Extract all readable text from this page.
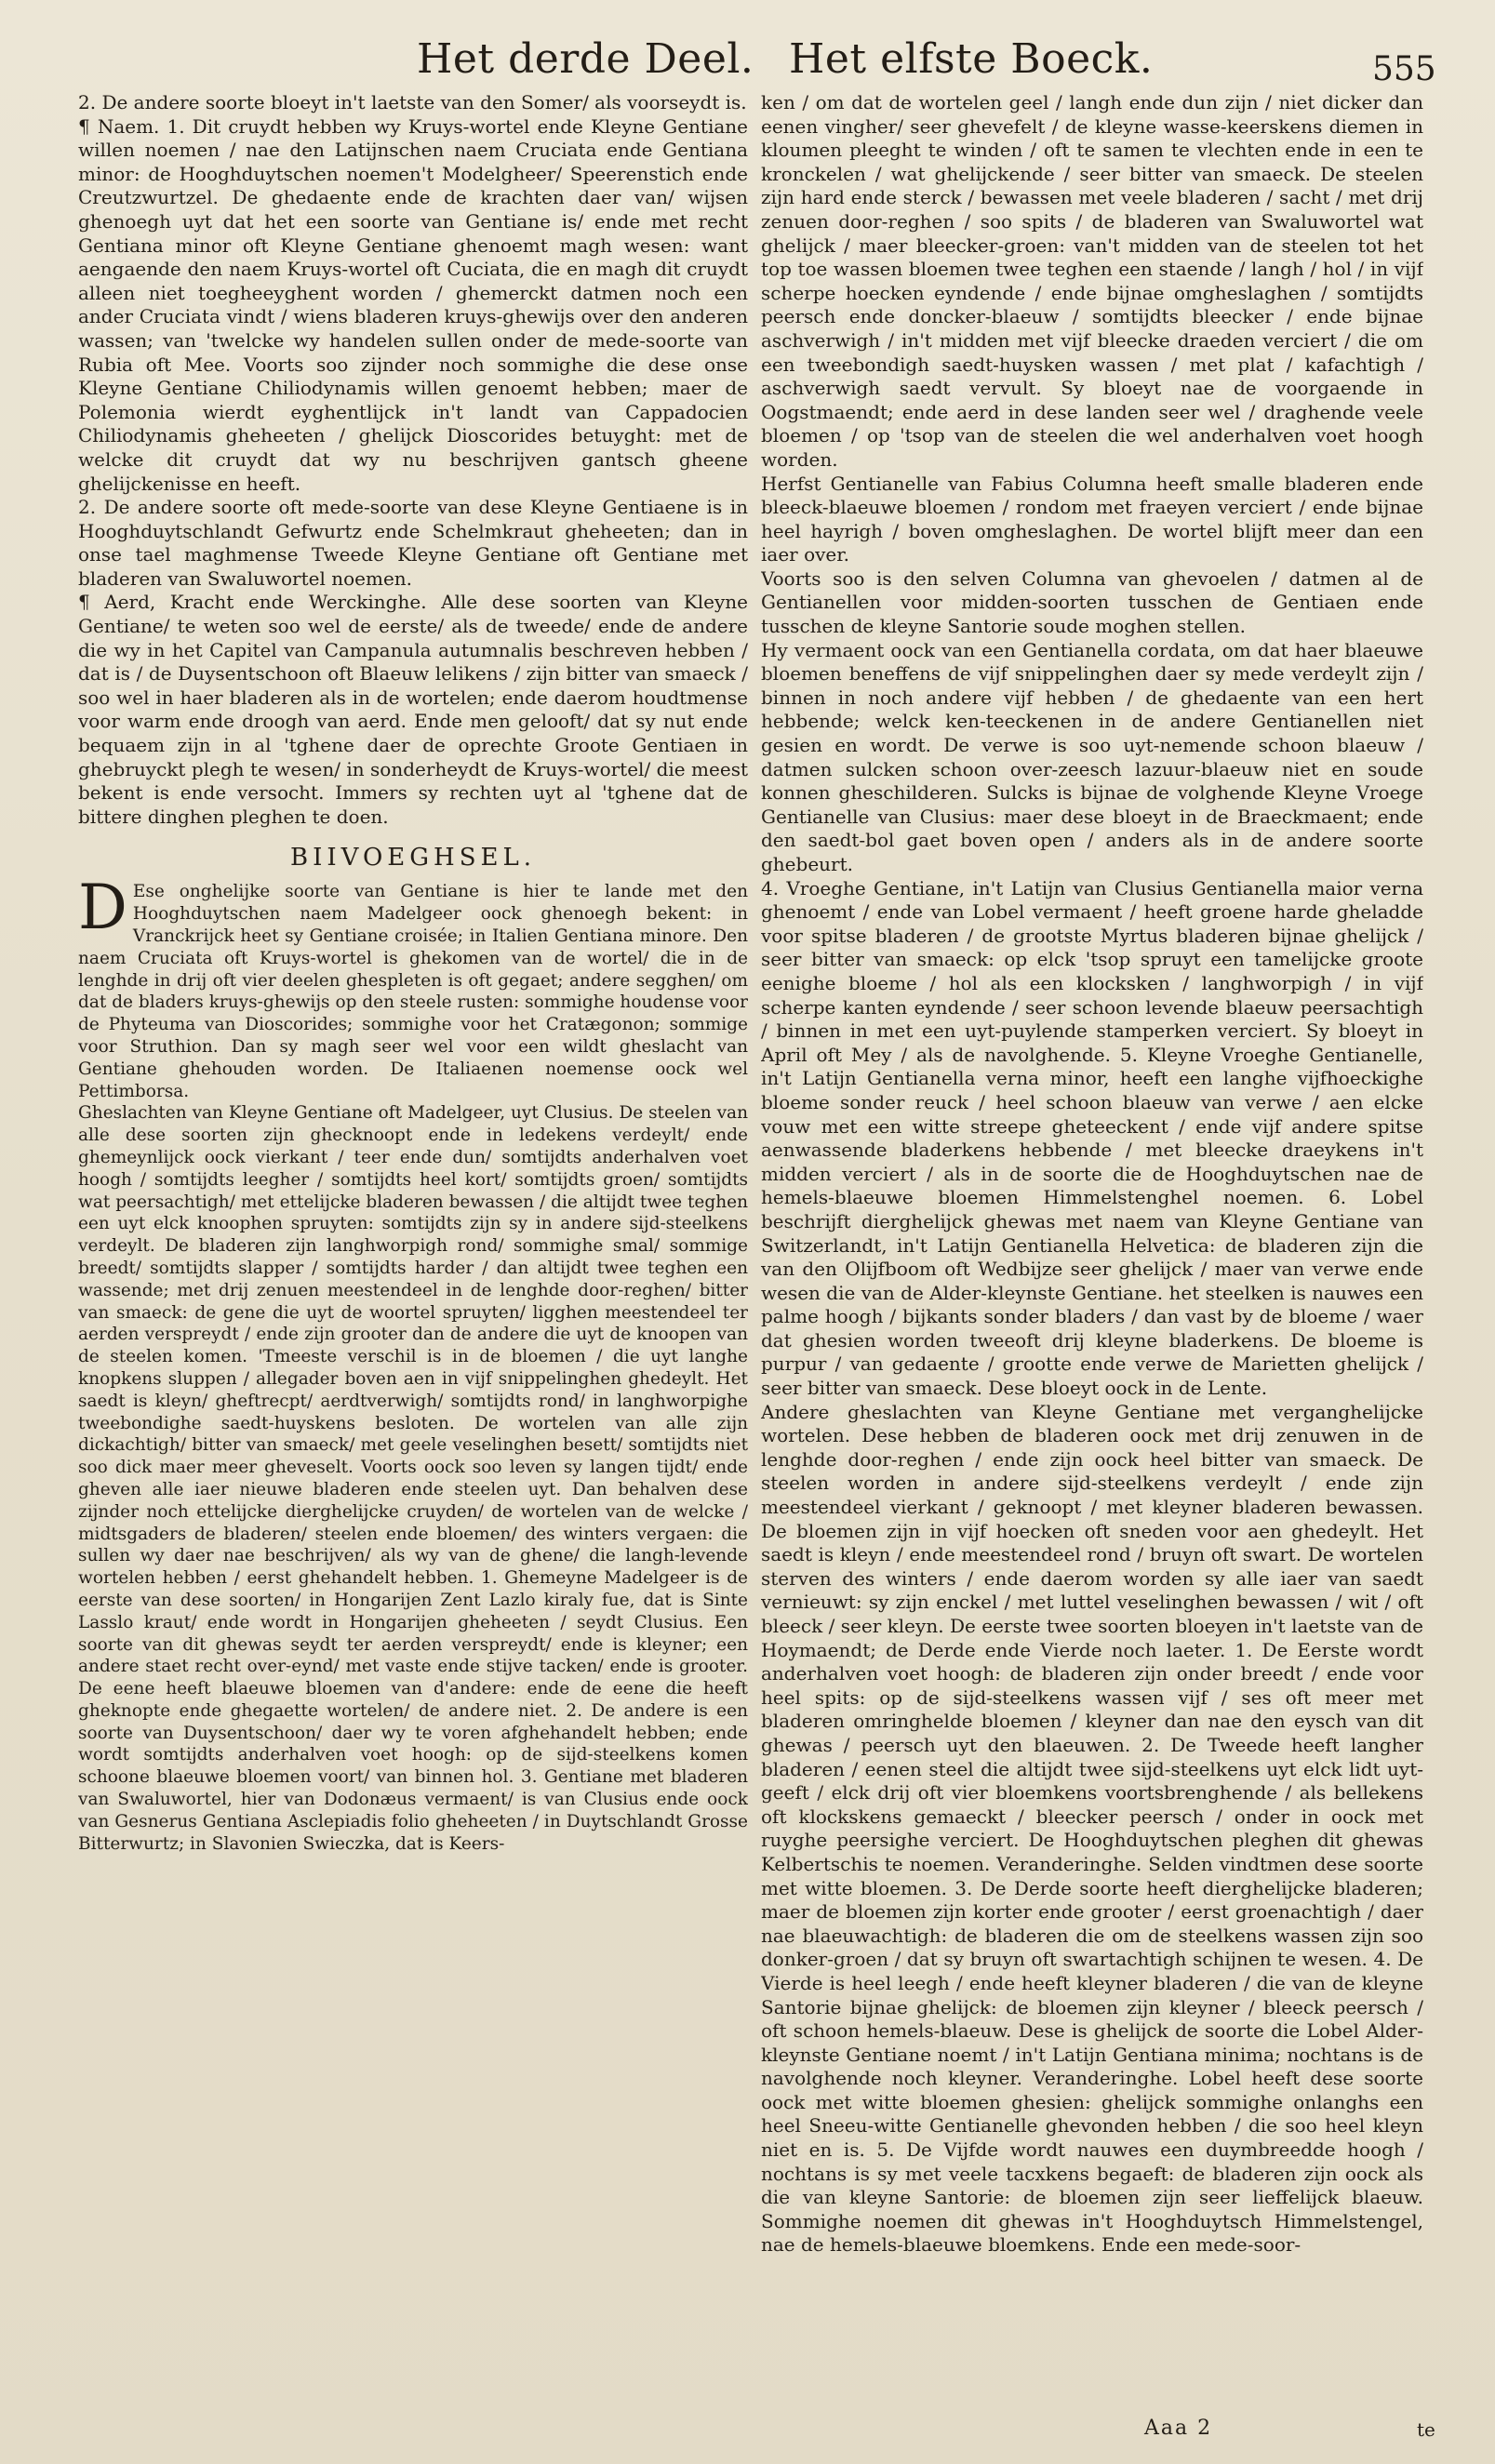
Het derde Deel. Het elfste Boeck.	555

2. De andere soorte bloeyt in't laetste van den Somer/ als voorseydt is.

¶ Naem. 1. Dit cruydt hebben wy Kruys-wortel ende Kleyne Gentiane willen noemen / nae den Latijnschen naem Cruciata ende Gentiana minor: de Hooghduytschen noemen't Modelgheer/ Speerenstich ende Creutzwurtzel. De ghedaente ende de krachten daer van/ wijsen ghenoegh uyt dat het een soorte van Gentiane is/ ende met recht Gentiana minor oft Kleyne Gentiane ghenoemt magh wesen: want aengaende den naem Kruys-wortel oft Cuciata, die en magh dit cruydt alleen niet toegheeyghent worden / ghemerckt datmen noch een ander Cruciata vindt / wiens bladeren kruys-ghewijs over den anderen wassen; van 'twelcke wy handelen sullen onder de mede-soorte van Rubia oft Mee. Voorts soo zijnder noch sommighe die dese onse Kleyne Gentiane Chiliodynamis willen genoemt hebben; maer de Polemonia wierdt eyghentlijck in't landt van Cappadocien Chiliodynamis gheheeten / ghelijck Dioscorides betuyght: met de welcke dit cruydt dat wy nu beschrijven gantsch gheene ghelijckenisse en heeft.

2. De andere soorte oft mede-soorte van dese Kleyne Gentiaene is in Hooghduytschlandt Gefwurtz ende Schelmkraut gheheeten; dan in onse tael maghmense Tweede Kleyne Gentiane oft Gentiane met bladeren van Swaluwortel noemen.

¶ Aerd, Kracht ende Werckinghe. Alle dese soorten van Kleyne Gentiane/ te weten soo wel de eerste/ als de tweede/ ende de andere die wy in het Capitel van Campanula autumnalis beschreven hebben / dat is / de Duysentschoon oft Blaeuw lelikens / zijn bitter van smaeck / soo wel in haer bladeren als in de wortelen; ende daerom houdtmense voor warm ende droogh van aerd. Ende men gelooft/ dat sy nut ende bequaem zijn in al 'tghene daer de oprechte Groote Gentiaen in ghebruyckt plegh te wesen/ in sonderheydt de Kruys-wortel/ die meest bekent is ende versocht. Immers sy rechten uyt al 'tghene dat de bittere dinghen pleghen te doen.

BIIVOEGHSEL.

D Ese onghelijke soorte van Gentiane is hier te lande met den Hooghduytschen naem Madelgeer oock ghenoegh bekent: in Vranckrijck heet sy Gentiane croisée; in Italien Gentiana minore. Den naem Cruciata oft Kruys-wortel is ghekomen van de wortel/ die in de lenghde in drij oft vier deelen ghespleten is oft gegaet; andere segghen/ om dat de bladers kruys-ghewijs op den steele rusten: sommighe houdense voor de Phyteuma van Dioscorides; sommighe voor het Cratægonon; sommige voor Struthion. Dan sy magh seer wel voor een wildt gheslacht van Gentiane ghehouden worden. De Italiaenen noemense oock wel Pettimborsa.

Gheslachten van Kleyne Gentiane oft Madelgeer, uyt Clusius. De steelen van alle dese soorten zijn ghecknoopt ende in ledekens verdeylt/ ende ghemeynlijck oock vierkant / teer ende dun/ somtijdts anderhalven voet hoogh / somtijdts leegher / somtijdts heel kort/ somtijdts groen/ somtijdts wat peersachtigh/ met ettelijcke bladeren bewassen / die altijdt twee teghen een uyt elck knoophen spruyten: somtijdts zijn sy in andere sijd-steelkens verdeylt. De bladeren zijn langhworpigh rond/ sommighe smal/ sommige breedt/ somtijdts slapper / somtijdts harder / dan altijdt twee teghen een wassende; met drij zenuen meestendeel in de lenghde door-reghen/ bitter van smaeck: de gene die uyt de woortel spruyten/ ligghen meestendeel ter aerden verspreydt / ende zijn grooter dan de andere die uyt de knoopen van de steelen komen. 'Tmeeste verschil is in de bloemen / die uyt langhe knopkens sluppen / allegader boven aen in vijf snippelinghen ghedeylt. Het saedt is kleyn/ gheftrecpt/ aerdtverwigh/ somtijdts rond/ in langhworpighe tweebondighe saedt-huyskens besloten. De wortelen van alle zijn dickachtigh/ bitter van smaeck/ met geele veselinghen besett/ somtijdts niet soo dick maer meer gheveselt. Voorts oock soo leven sy langen tijdt/ ende gheven alle iaer nieuwe bladeren ende steelen uyt. Dan behalven dese zijnder noch ettelijcke dierghelijcke cruyden/ de wortelen van de welcke / midtsgaders de bladeren/ steelen ende bloemen/ des winters vergaen: die sullen wy daer nae beschrijven/ als wy van de ghene/ die langh-levende wortelen hebben / eerst ghehandelt hebben. 1. Ghemeyne Madelgeer is de eerste van dese soorten/ in Hongarijen Zent Lazlo kiraly fue, dat is Sinte Lasslo kraut/ ende wordt in Hongarijen gheheeten / seydt Clusius. Een soorte van dit ghewas seydt ter aerden verspreydt/ ende is kleyner; een andere staet recht over-eynd/ met vaste ende stijve tacken/ ende is grooter. De eene heeft blaeuwe bloemen van d'andere: ende de eene die heeft gheknopte ende ghegaette wortelen/ de andere niet. 2. De andere is een soorte van Duysentschoon/ daer wy te voren afghehandelt hebben; ende wordt somtijdts anderhalven voet hoogh: op de sijd-steelkens komen schoone blaeuwe bloemen voort/ van binnen hol. 3. Gentiane met bladeren van Swaluwortel, hier van Dodonæus vermaent/ is van Clusius ende oock van Gesnerus Gentiana Asclepiadis folio gheheeten / in Duytschlandt Grosse Bitterwurtz; in Slavonien Swieczka, dat is Keers-

ken / om dat de wortelen geel / langh ende dun zijn / niet dicker dan eenen vingher/ seer ghevefelt / de kleyne wasse-keerskens diemen in kloumen pleeght te winden / oft te samen te vlechten ende in een te kronckelen / wat ghelijckende / seer bitter van smaeck. De steelen zijn hard ende sterck / bewassen met veele bladeren / sacht / met drij zenuen door-reghen / soo spits / de bladeren van Swaluwortel wat ghelijck / maer bleecker-groen: van't midden van de steelen tot het top toe wassen bloemen twee teghen een staende / langh / hol / in vijf scherpe hoecken eyndende / ende bijnae omgheslaghen / somtijdts peersch ende doncker-blaeuw / somtijdts bleecker / ende bijnae aschverwigh / in't midden met vijf bleecke draeden verciert / die om een tweebondigh saedt-huysken wassen / met plat / kafachtigh / aschverwigh saedt vervult. Sy bloeyt nae de voorgaende in Oogstmaendt; ende aerd in dese landen seer wel / draghende veele bloemen / op 'tsop van de steelen die wel anderhalven voet hoogh worden.

Herfst Gentianelle van Fabius Columna heeft smalle bladeren ende bleeck-blaeuwe bloemen / rondom met fraeyen verciert / ende bijnae heel hayrigh / boven omgheslaghen. De wortel blijft meer dan een iaer over.

Voorts soo is den selven Columna van ghevoelen / datmen al de Gentianellen voor midden-soorten tusschen de Gentiaen ende tusschen de kleyne Santorie soude moghen stellen.

Hy vermaent oock van een Gentianella cordata, om dat haer blaeuwe bloemen beneffens de vijf snippelinghen daer sy mede verdeylt zijn / binnen in noch andere vijf hebben / de ghedaente van een hert hebbende; welck ken-teeckenen in de andere Gentianellen niet gesien en wordt. De verwe is soo uyt-nemende schoon blaeuw / datmen sulcken schoon over-zeesch lazuur-blaeuw niet en soude konnen gheschilderen. Sulcks is bijnae de volghende Kleyne Vroege Gentianelle van Clusius: maer dese bloeyt in de Braeckmaent; ende den saedt-bol gaet boven open / anders als in de andere soorte ghebeurt.

4. Vroeghe Gentiane, in't Latijn van Clusius Gentianella maior verna ghenoemt / ende van Lobel vermaent / heeft groene harde gheladde voor spitse bladeren / de grootste Myrtus bladeren bijnae ghelijck / seer bitter van smaeck: op elck 'tsop spruyt een tamelijcke groote eenighe bloeme / hol als een klocksken / langhworpigh / in vijf scherpe kanten eyndende / seer schoon levende blaeuw peersachtigh / binnen in met een uyt-puylende stamperken verciert. Sy bloeyt in April oft Mey / als de navolghende. 5. Kleyne Vroeghe Gentianelle, in't Latijn Gentianella verna minor, heeft een langhe vijfhoeckighe bloeme sonder reuck / heel schoon blaeuw van verwe / aen elcke vouw met een witte streepe gheteeckent / ende vijf andere spitse aenwassende bladerkens hebbende / met bleecke draeykens in't midden verciert / als in de soorte die de Hooghduytschen nae de hemels-blaeuwe bloemen Himmelstenghel noemen. 6. Lobel beschrijft dierghelijck ghewas met naem van Kleyne Gentiane van Switzerlandt, in't Latijn Gentianella Helvetica: de bladeren zijn die van den Olijfboom oft Wedbijze seer ghelijck / maer van verwe ende wesen die van de Alder-kleynste Gentiane. het steelken is nauwes een palme hoogh / bijkants sonder bladers / dan vast by de bloeme / waer dat ghesien worden tweeoft drij kleyne bladerkens. De bloeme is purpur / van gedaente / grootte ende verwe de Marietten ghelijck / seer bitter van smaeck. Dese bloeyt oock in de Lente.

Andere gheslachten van Kleyne Gentiane met verganghelijcke wortelen. Dese hebben de bladeren oock met drij zenuwen in de lenghde door-reghen / ende zijn oock heel bitter van smaeck. De steelen worden in andere sijd-steelkens verdeylt / ende zijn meestendeel vierkant / geknoopt / met kleyner bladeren bewassen. De bloemen zijn in vijf hoecken oft sneden voor aen ghedeylt. Het saedt is kleyn / ende meestendeel rond / bruyn oft swart. De wortelen sterven des winters / ende daerom worden sy alle iaer van saedt vernieuwt: sy zijn enckel / met luttel veselinghen bewassen / wit / oft bleeck / seer kleyn. De eerste twee soorten bloeyen in't laetste van de Hoymaendt; de Derde ende Vierde noch laeter. 1. De Eerste wordt anderhalven voet hoogh: de bladeren zijn onder breedt / ende voor heel spits: op de sijd-steelkens wassen vijf / ses oft meer met bladeren omringhelde bloemen / kleyner dan nae den eysch van dit ghewas / peersch uyt den blaeuwen. 2. De Tweede heeft langher bladeren / eenen steel die altijdt twee sijd-steelkens uyt elck lidt uyt-geeft / elck drij oft vier bloemkens voortsbrenghende / als bellekens oft klockskens gemaeckt / bleecker peersch / onder in oock met ruyghe peersighe verciert. De Hooghduytschen pleghen dit ghewas Kelbertschis te noemen. Veranderinghe. Selden vindtmen dese soorte met witte bloemen. 3. De Derde soorte heeft dierghelijcke bladeren; maer de bloemen zijn korter ende grooter / eerst groenachtigh / daer nae blaeuwachtigh: de bladeren die om de steelkens wassen zijn soo donker-groen / dat sy bruyn oft swartachtigh schijnen te wesen. 4. De Vierde is heel leegh / ende heeft kleyner bladeren / die van de kleyne Santorie bijnae ghelijck: de bloemen zijn kleyner / bleeck peersch / oft schoon hemels-blaeuw. Dese is ghelijck de soorte die Lobel Alder-kleynste Gentiane noemt / in't Latijn Gentiana minima; nochtans is de navolghende noch kleyner. Veranderinghe. Lobel heeft dese soorte oock met witte bloemen ghesien: ghelijck sommighe onlanghs een heel Sneeu-witte Gentianelle ghevonden hebben / die soo heel kleyn niet en is. 5. De Vijfde wordt nauwes een duymbreedde hoogh / nochtans is sy met veele tacxkens begaeft: de bladeren zijn oock als die van kleyne Santorie: de bloemen zijn seer lieffelijck blaeuw. Sommighe noemen dit ghewas in't Hooghduytsch Himmelstengel, nae de hemels-blaeuwe bloemkens. Ende een mede-soor-

Aaa 2	te
